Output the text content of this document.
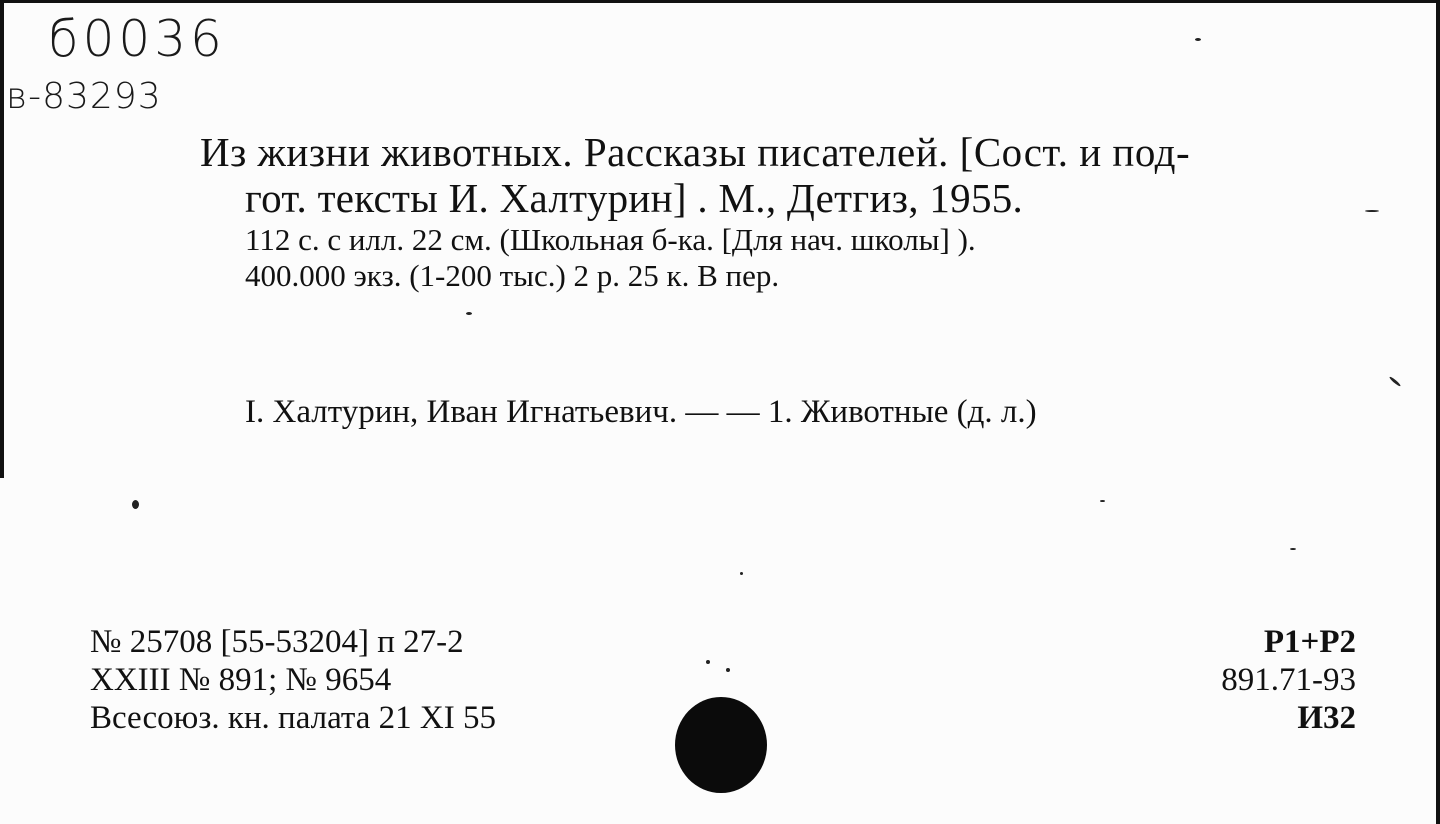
б0036
в-83293
Из жизни животных. Рассказы писателей. [Сост. и под-
гот. тексты И. Халтурин] . М., Детгиз, 1955.
112 с. с илл. 22 см. (Школьная б-ка. [Для нач. школы] ).
400.000 экз. (1-200 тыс.) 2 р. 25 к. В пер.
I. Халтурин, Иван Игнатьевич. — — 1. Животные (д. л.)
№ 25708 [55-53204] п 27-2
XXIII № 891; № 9654
Всесоюз. кн. палата 21 XI 55
Р1+Р2
891.71-93
И32
